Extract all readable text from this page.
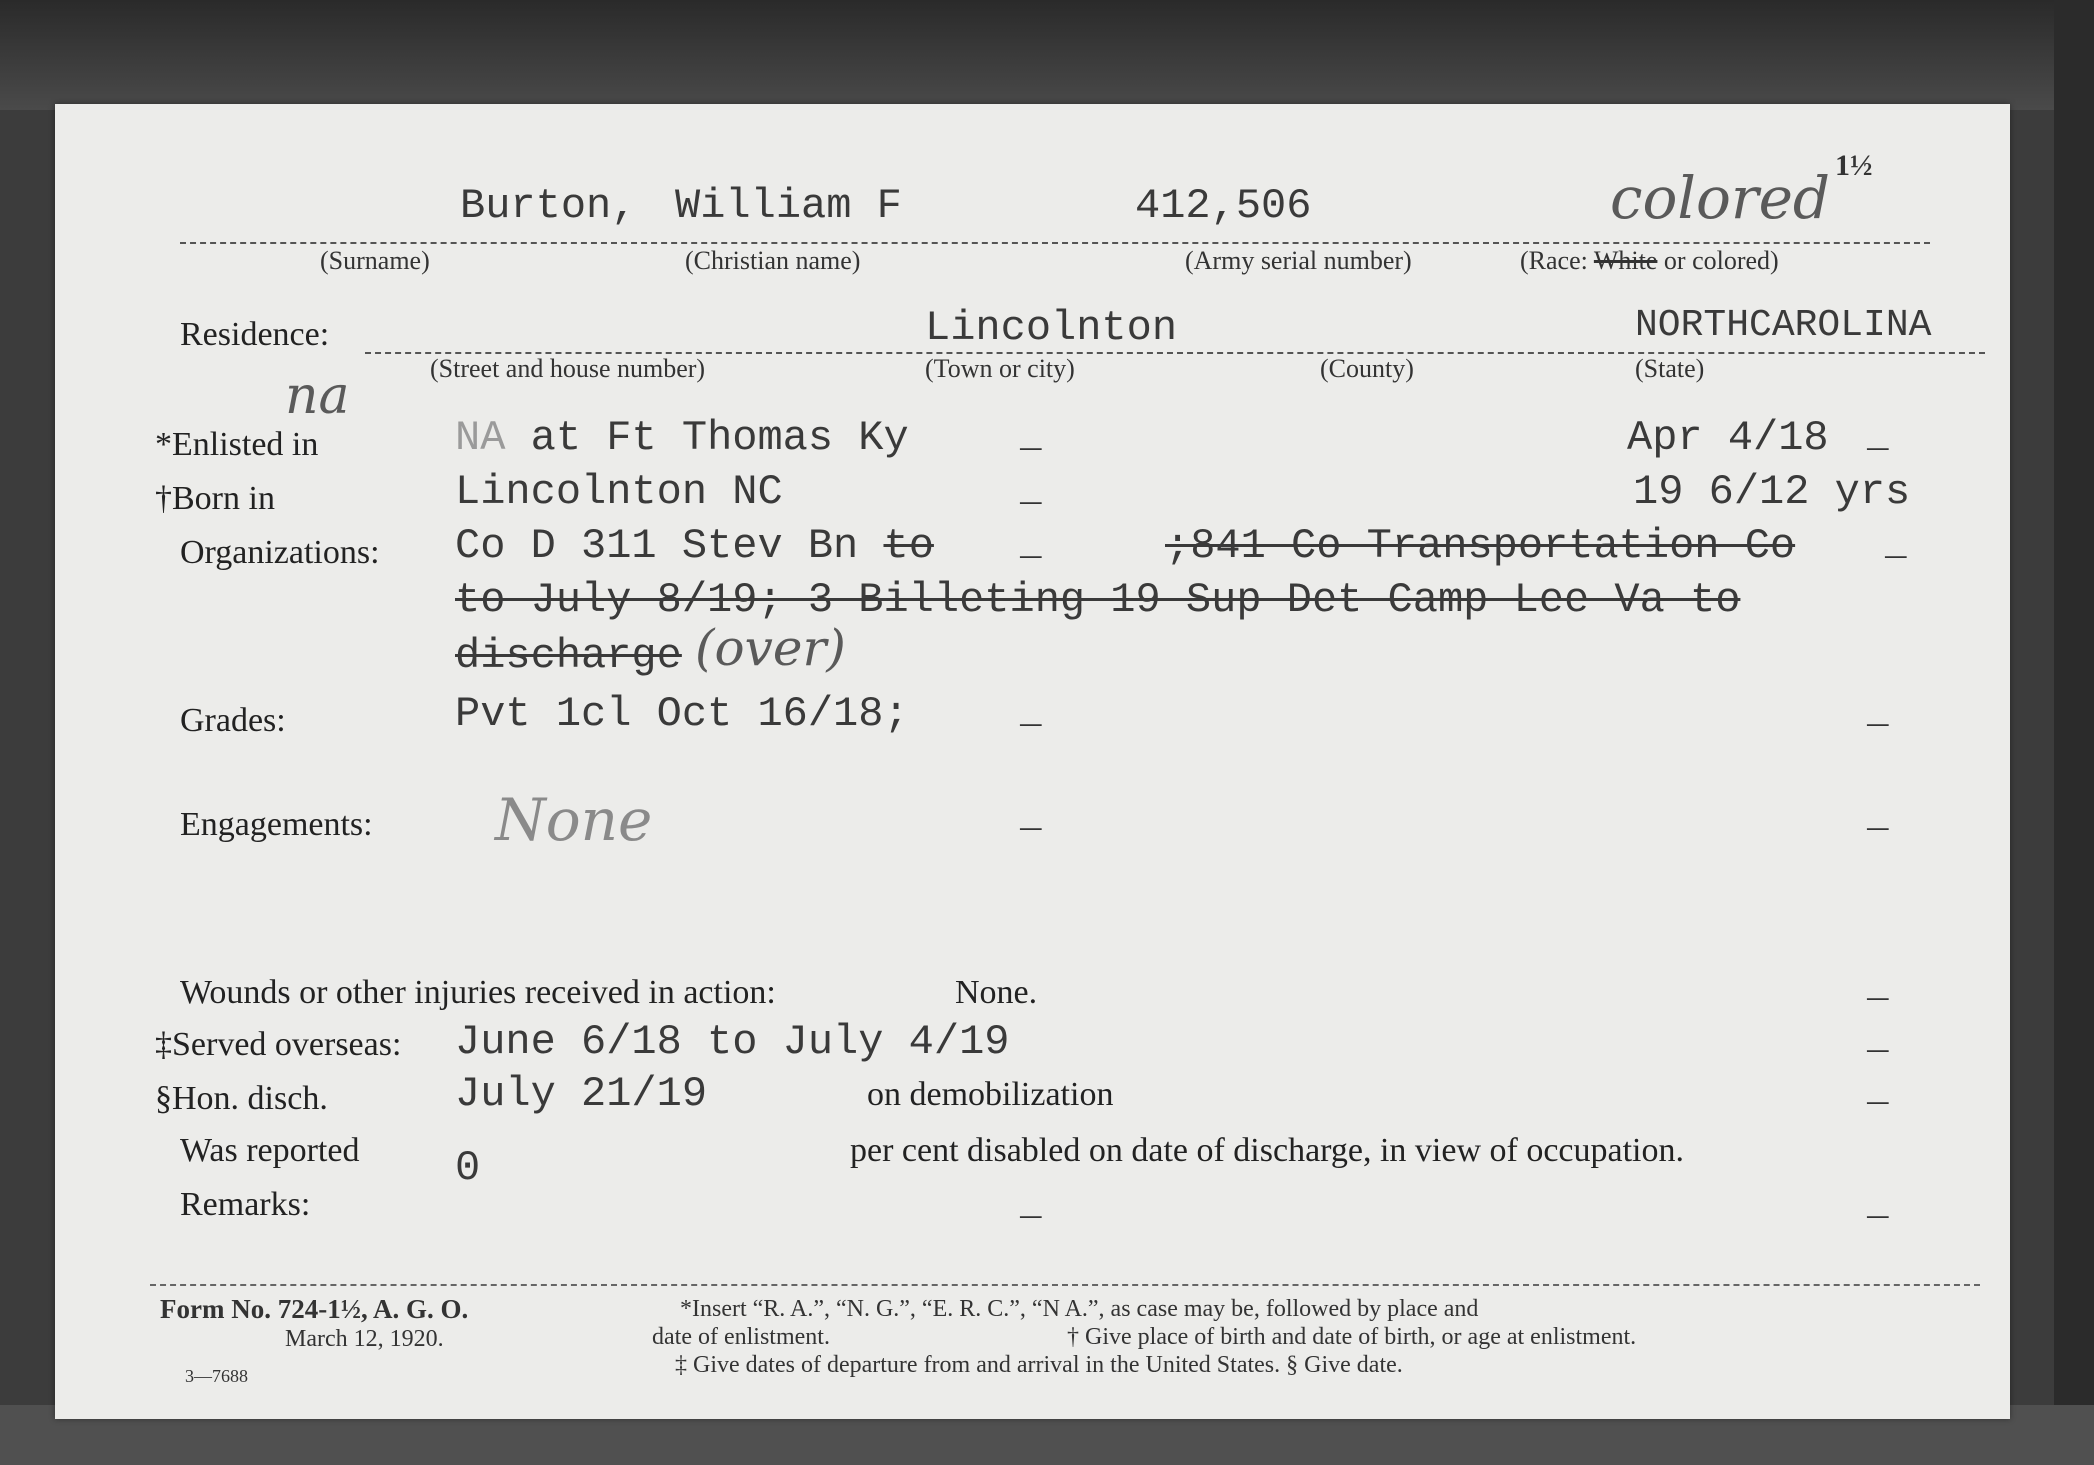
1½
Burton, William F	412,506	colored
(Surname)	(Christian name)	(Army serial number)	(Race: White or colored)
Residence:	Lincolnton	NORTHCAROLINA
(Street and house number)	(Town or city)	(County)	(State)
na
*Enlisted in	NA at Ft Thomas Ky	_	Apr 4/18 _
†Born in	Lincolnton NC	_	19 6/12 yrs
Organizations: Co D 311 Stev Bn to _	;841 Co Transportation Co _
to July 8/19; 3 Billeting 19 Sup Det Camp Lee Va to
discharge (over)
Grades:	Pvt 1cl Oct 16/18;	_	_
Engagements: None	_	_
Wounds or other injuries received in action:	None.	_
‡Served overseas: June 6/18 to July 4/19	_
§Hon. disch.	July 21/19	on demobilization	_
Was reported 0	per cent disabled on date of discharge, in view of occupation.
Remarks:	_	_
Form No. 724-1½, A. G. O.
March 12, 1920.
3—7688
*Insert “R. A.”, “N. G.”, “E. R. C.”, “N A.”, as case may be, followed by place and
date of enlistment.	† Give place of birth and date of birth, or age at enlistment.
‡ Give dates of departure from and arrival in the United States. § Give date.
